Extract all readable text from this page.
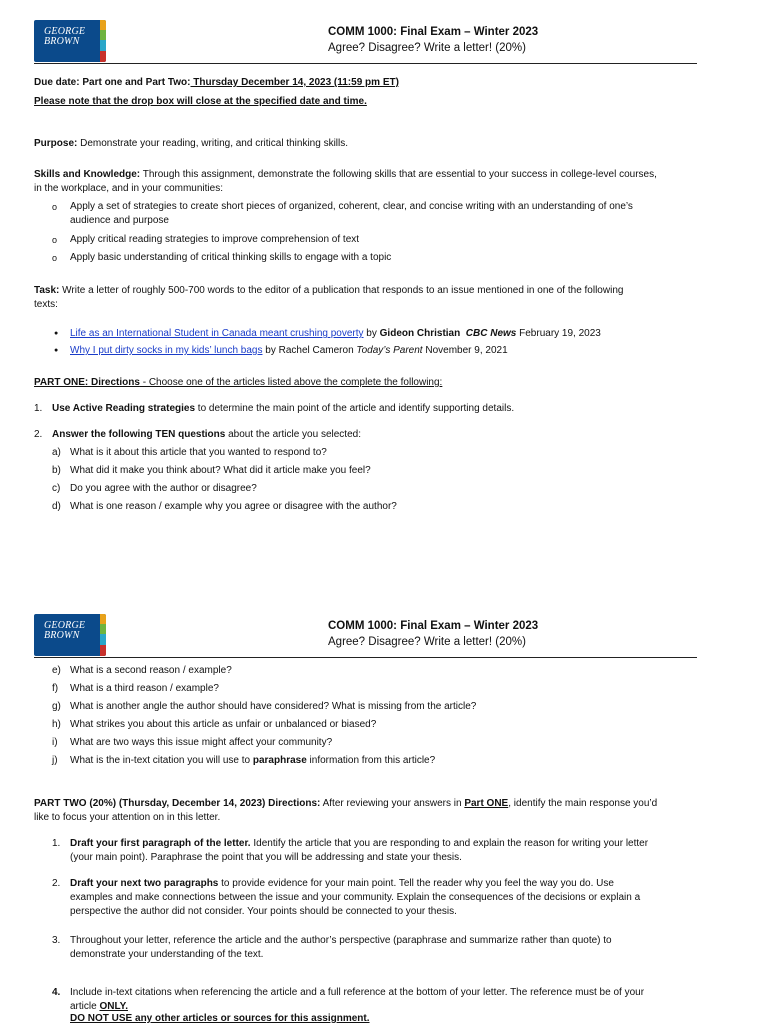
GEORGE
BROWN
COMM 1000: Final Exam – Winter 2023
Agree? Disagree? Write a letter! (20%)
Due date: Part one and Part Two: Thursday December 14, 2023 (11:59 pm ET)
Please note that the drop box will close at the specified date and time.
Purpose: Demonstrate your reading, writing, and critical thinking skills.
Skills and Knowledge: Through this assignment, demonstrate the following skills that are essential to your success in college-level courses,
in the workplace, and in your communities:
o Apply a set of strategies to create short pieces of organized, coherent, clear, and concise writing with an understanding of one’s
audience and purpose
o Apply critical reading strategies to improve comprehension of text
o Apply basic understanding of critical thinking skills to engage with a topic
Task: Write a letter of roughly 500-700 words to the editor of a publication that responds to an issue mentioned in one of the following
texts:
● Life as an International Student in Canada meant crushing poverty by Gideon Christian CBC News February 19, 2023
● Why I put dirty socks in my kids’ lunch bags by Rachel Cameron Today’s Parent November 9, 2021
PART ONE: Directions - Choose one of the articles listed above the complete the following:
1. Use Active Reading strategies to determine the main point of the article and identify supporting details.
2. Answer the following TEN questions about the article you selected:
a) What is it about this article that you wanted to respond to?
b) What did it make you think about? What did it article make you feel?
c) Do you agree with the author or disagree?
d) What is one reason / example why you agree or disagree with the author?
GEORGE
BROWN
COMM 1000: Final Exam – Winter 2023
Agree? Disagree? Write a letter! (20%)
e) What is a second reason / example?
f) What is a third reason / example?
g) What is another angle the author should have considered? What is missing from the article?
h) What strikes you about this article as unfair or unbalanced or biased?
i) What are two ways this issue might affect your community?
j) What is the in-text citation you will use to paraphrase information from this article?
PART TWO (20%) (Thursday, December 14, 2023) Directions: After reviewing your answers in Part ONE, identify the main response you’d
like to focus your attention on in this letter.
1. Draft your first paragraph of the letter. Identify the article that you are responding to and explain the reason for writing your letter
(your main point). Paraphrase the point that you will be addressing and state your thesis.
2. Draft your next two paragraphs to provide evidence for your main point. Tell the reader why you feel the way you do. Use
examples and make connections between the issue and your community. Explain the consequences of the decisions or explain a
perspective the author did not consider. Your points should be connected to your thesis.
3. Throughout your letter, reference the article and the author’s perspective (paraphrase and summarize rather than quote) to
demonstrate your understanding of the text.
4. Include in-text citations when referencing the article and a full reference at the bottom of your letter. The reference must be of your
article ONLY.
DO NOT USE any other articles or sources for this assignment.
